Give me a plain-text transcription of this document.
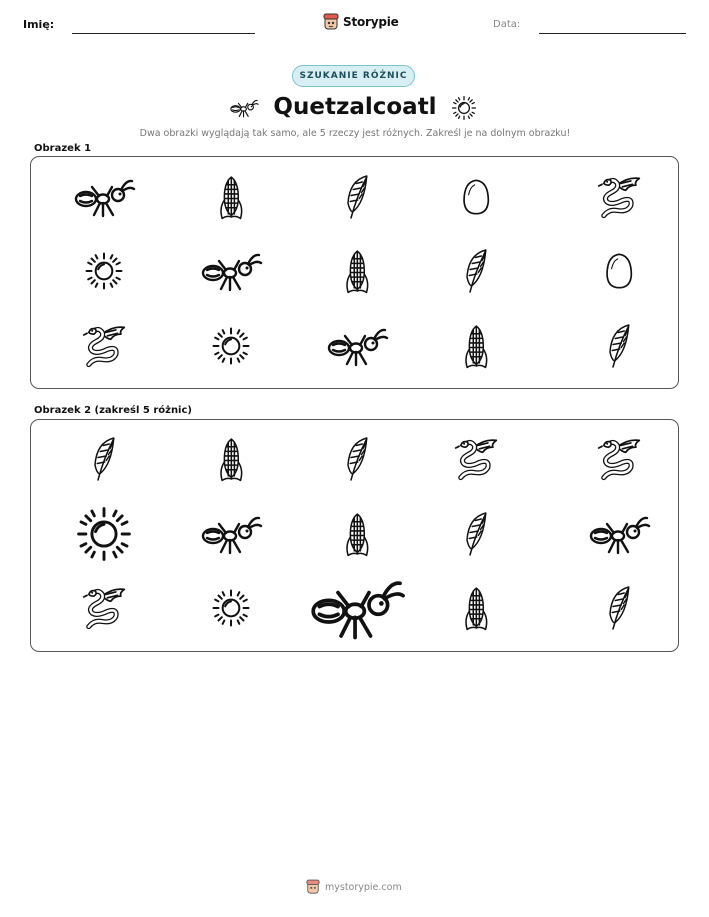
Imię:	Storypie	Data:
SZUKANIE RÓŻNIC
Quetzalcoatl
Dwa obrazki wyglądają tak samo, ale 5 rzeczy jest różnych. Zakreśl je na dolnym obrazku!
Obrazek 1
Obrazek 2 (zakreśl 5 różnic)
mystorypie.com
